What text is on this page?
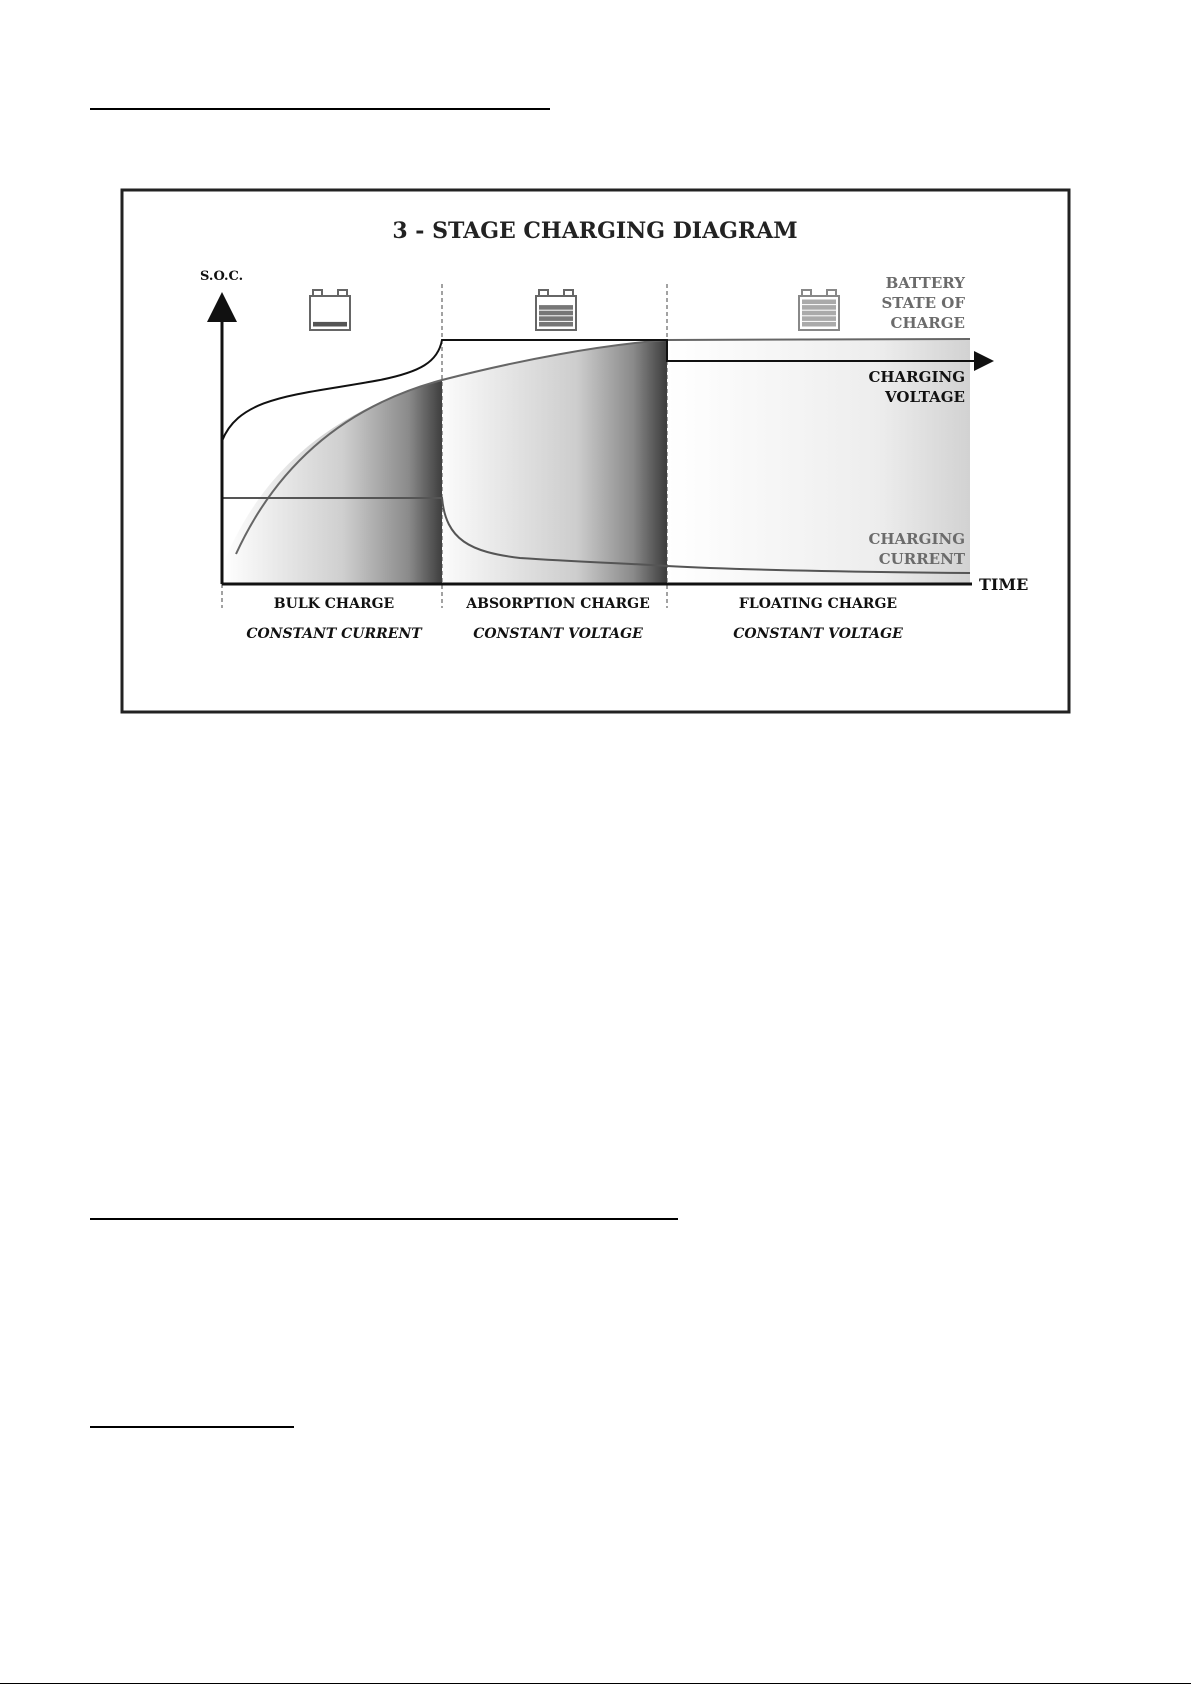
3 - STAGE CHARGING DIAGRAM
S.O.C.
TIME
BATTERY
STATE OF
CHARGE
CHARGING
VOLTAGE
CHARGING
CURRENT
BULK CHARGE	ABSORPTION CHARGE	FLOATING CHARGE
CONSTANT CURRENT	CONSTANT VOLTAGE	CONSTANT VOLTAGE
